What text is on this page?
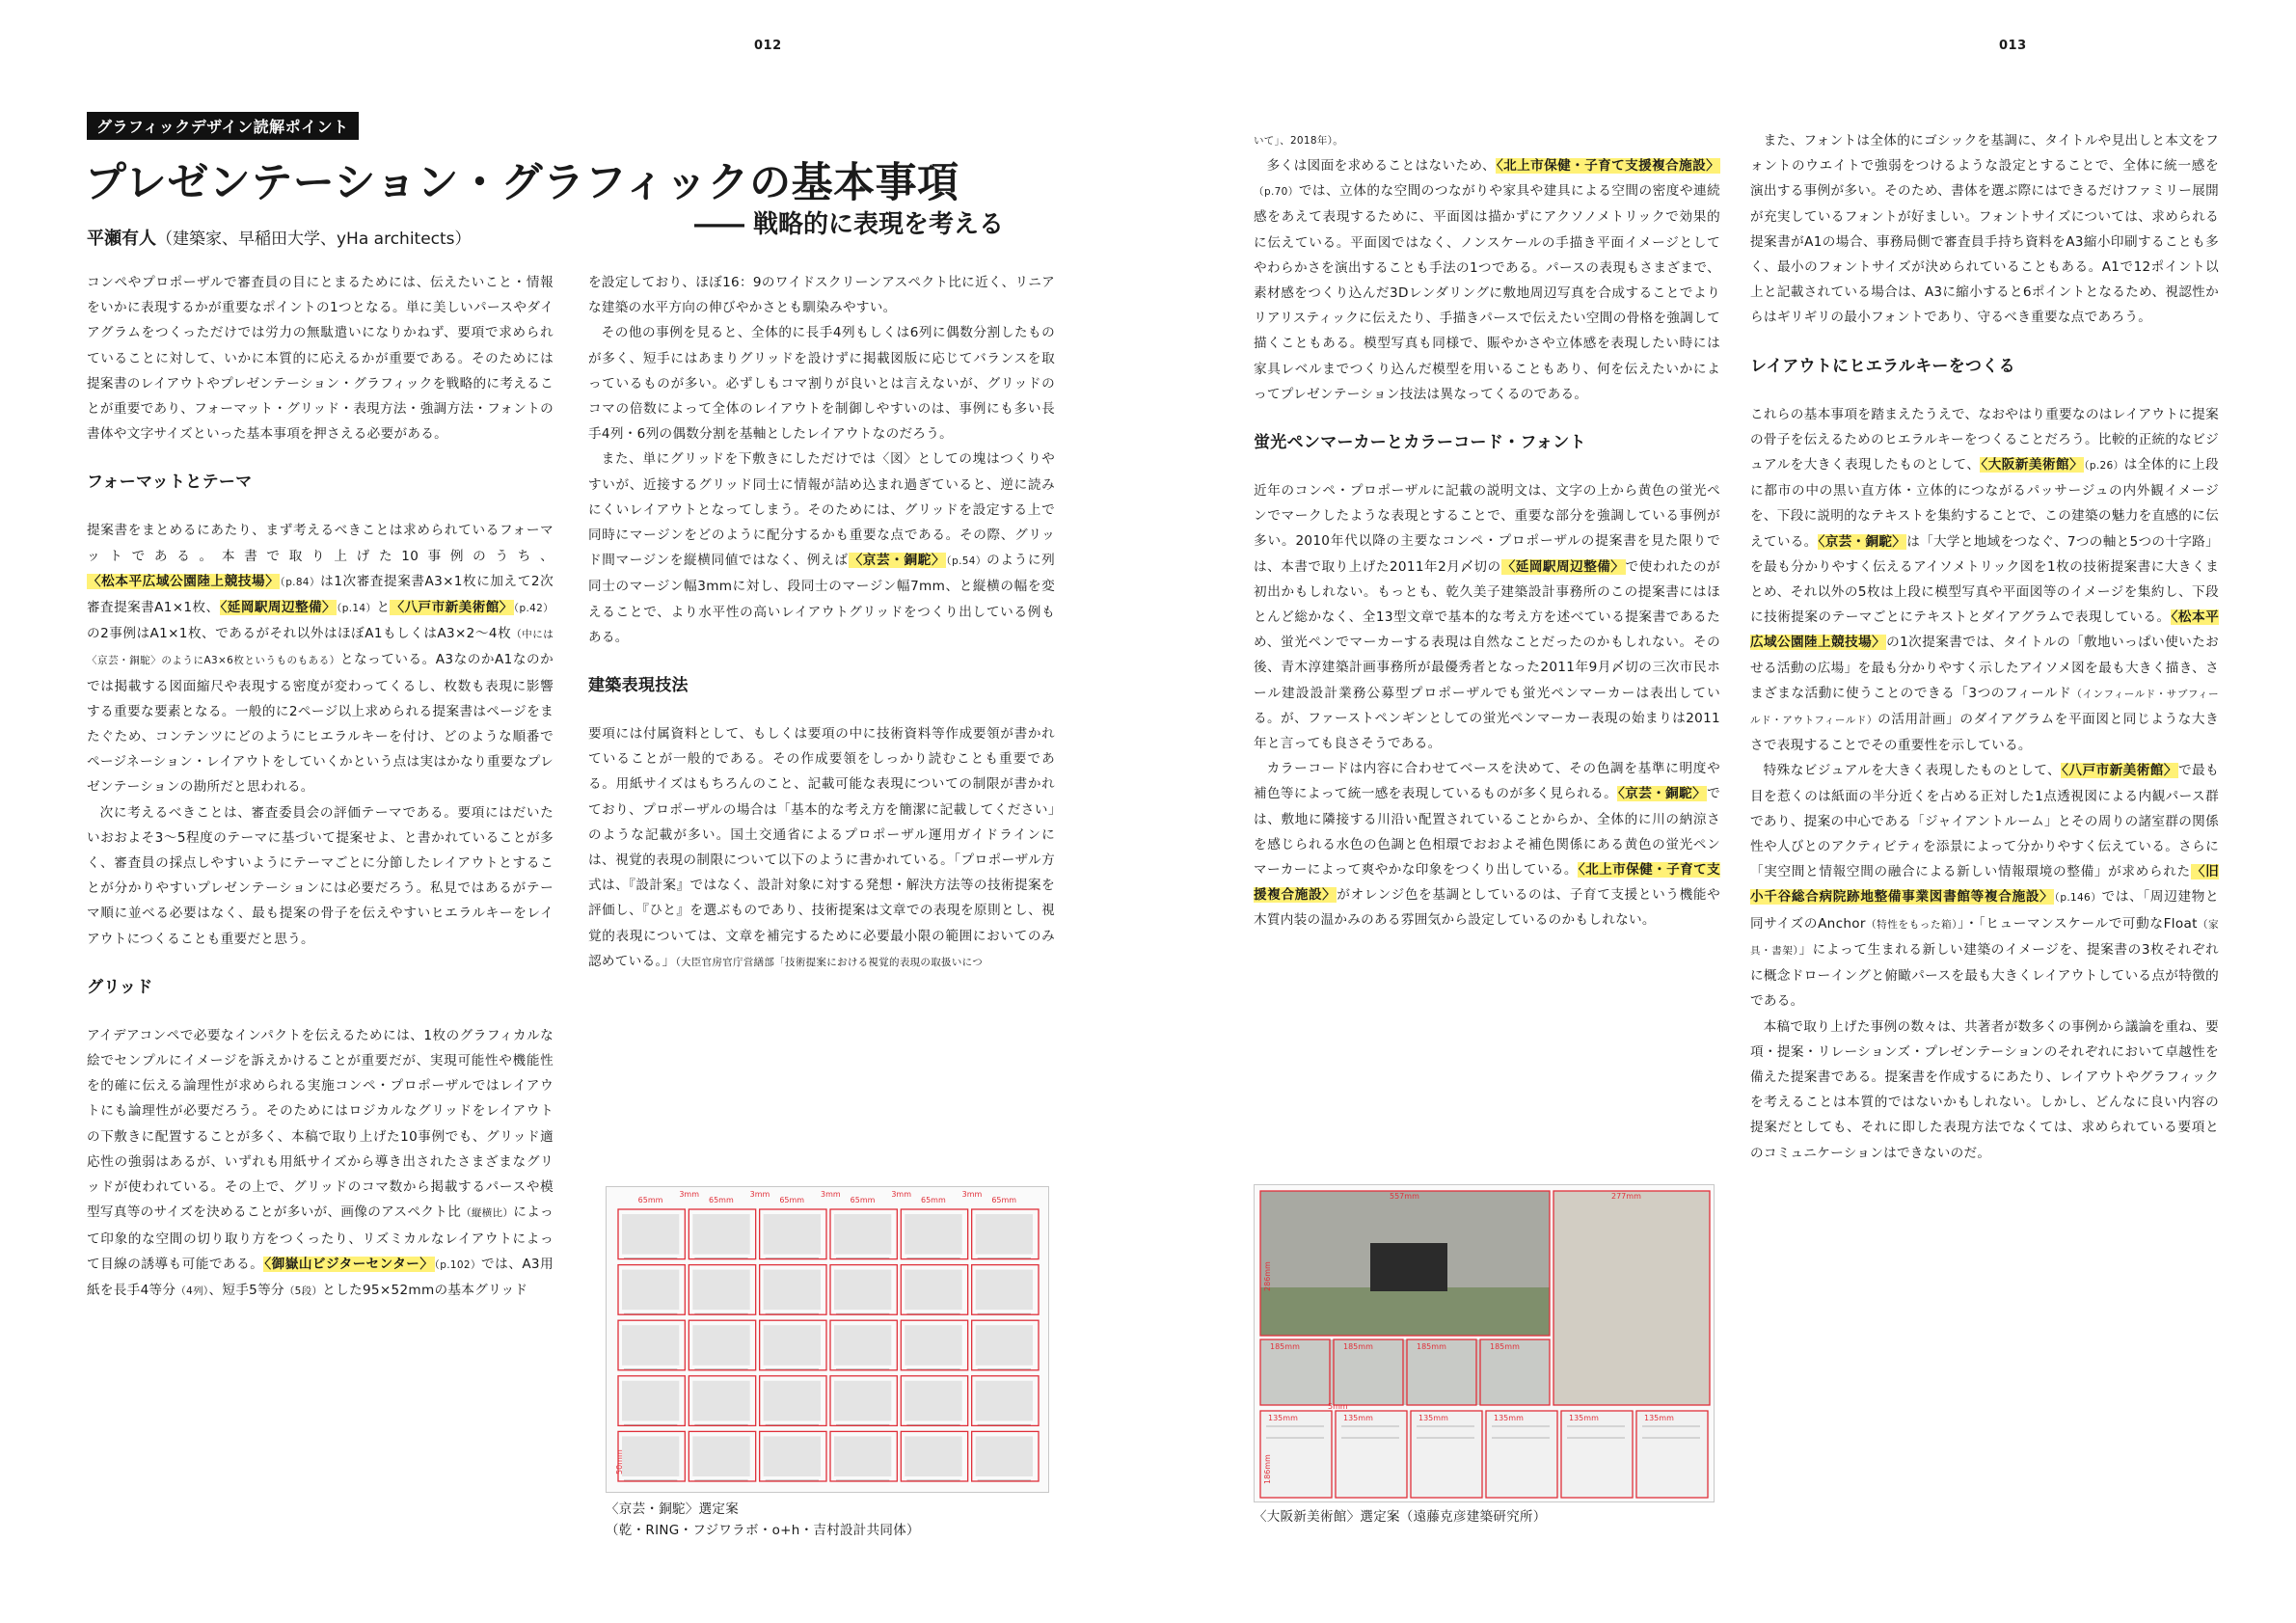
012	013
グラフィックデザイン読解ポイント
プレゼンテーション・グラフィックの基本事項
―― 戦略的に表現を考える
平瀬有人（建築家、早稲田大学、yHa architects）

コンペやプロポーザルで審査員の目にとまるためには、伝えたいこと・情報をいかに表現するかが重要なポイントの1つとなる。単に美しいパースやダイアグラムをつくっただけでは労力の無駄遣いになりかねず、要項で求められていることに対して、いかに本質的に応えるかが重要である。そのためには提案書のレイアウトやプレゼンテーション・グラフィックを戦略的に考えることが重要であり、フォーマット・グリッド・表現方法・強調方法・フォントの書体や文字サイズといった基本事項を押さえる必要がある。

フォーマットとテーマ

提案書をまとめるにあたり、まず考えるべきことは求められているフォーマットである。本書で取り上げた10事例のうち、〈松本平広域公園陸上競技場〉（p.84）は1次審査提案書A3×1枚に加えて2次審査提案書A1×1枚、〈延岡駅周辺整備〉（p.14）と〈八戸市新美術館〉（p.42）の2事例はA1×1枚、であるがそれ以外はほぼA1もしくはA3×2〜4枚（中には〈京芸・銅駝〉のようにA3×6枚というものもある）となっている。A3なのかA1なのかでは掲載する図面縮尺や表現する密度が変わってくるし、枚数も表現に影響する重要な要素となる。一般的に2ページ以上求められる提案書はページをまたぐため、コンテンツにどのようにヒエラルキーを付け、どのような順番でページネーション・レイアウトをしていくかという点は実はかなり重要なプレゼンテーションの勘所だと思われる。

次に考えるべきことは、審査委員会の評価テーマである。要項にはだいたいおおよそ3〜5程度のテーマに基づいて提案せよ、と書かれていることが多く、審査員の採点しやすいようにテーマごとに分節したレイアウトとすることが分かりやすいプレゼンテーションには必要だろう。私見ではあるがテーマ順に並べる必要はなく、最も提案の骨子を伝えやすいヒエラルキーをレイアウトにつくることも重要だと思う。

グリッド

アイデアコンペで必要なインパクトを伝えるためには、1枚のグラフィカルな絵でセンプルにイメージを訴えかけることが重要だが、実現可能性や機能性を的確に伝える論理性が求められる実施コンペ・プロポーザルではレイアウトにも論理性が必要だろう。そのためにはロジカルなグリッドをレイアウトの下敷きに配置することが多く、本稿で取り上げた10事例でも、グリッド適応性の強弱はあるが、いずれも用紙サイズから導き出されたさまざまなグリッドが使われている。その上で、グリッドのコマ数から掲載するパースや模型写真等のサイズを決めることが多いが、画像のアスペクト比（縦横比）によって印象的な空間の切り取り方をつくったり、リズミカルなレイアウトによって目線の誘導も可能である。〈御嶽山ビジターセンター〉（p.102）では、A3用紙を長手4等分（4列）、短手5等分（5段）とした95×52mmの基本グリッド

を設定しており、ほぼ16：9のワイドスクリーンアスペクト比に近く、リニアな建築の水平方向の伸びやかさとも馴染みやすい。

その他の事例を見ると、全体的に長手4列もしくは6列に偶数分割したものが多く、短手にはあまりグリッドを設けずに掲載図版に応じてバランスを取っているものが多い。必ずしもコマ割りが良いとは言えないが、グリッドのコマの倍数によって全体のレイアウトを制御しやすいのは、事例にも多い長手4列・6列の偶数分割を基軸としたレイアウトなのだろう。

また、単にグリッドを下敷きにしただけでは〈図〉としての塊はつくりやすいが、近接するグリッド同士に情報が詰め込まれ過ぎていると、逆に読みにくいレイアウトとなってしまう。そのためには、グリッドを設定する上で同時にマージンをどのように配分するかも重要な点である。その際、グリッド間マージンを縦横同値ではなく、例えば〈京芸・銅駝〉（p.54）のように列同士のマージン幅3mmに対し、段同士のマージン幅7mm、と縦横の幅を変えることで、より水平性の高いレイアウトグリッドをつくり出している例もある。

建築表現技法

要項には付属資料として、もしくは要項の中に技術資料等作成要領が書かれていることが一般的である。その作成要領をしっかり読むことも重要である。用紙サイズはもちろんのこと、記載可能な表現についての制限が書かれており、プロポーザルの場合は「基本的な考え方を簡潔に記載してください」のような記載が多い。国土交通省によるプロポーザル運用ガイドラインには、視覚的表現の制限について以下のように書かれている。「プロポーザル方式は、『設計案』ではなく、設計対象に対する発想・解決方法等の技術提案を評価し、『ひと』を選ぶものであり、技術提案は文章での表現を原則とし、視覚的表現については、文章を補完するために必要最小限の範囲においてのみ認めている。」（大臣官房官庁営繕部「技術提案における視覚的表現の取扱いにつ

65mm
3mm
65mm
3mm
65mm
3mm
65mm
3mm
65mm
3mm
65mm
50mm
〈京芸・銅駝〉選定案
（乾・RING・フジワラボ・o+h・吉村設計共同体）

いて」、2018年）。

多くは図面を求めることはないため、〈北上市保健・子育て支援複合施設〉（p.70）では、立体的な空間のつながりや家具や建具による空間の密度や連続感をあえて表現するために、平面図は描かずにアクソノメトリックで効果的に伝えている。平面図ではなく、ノンスケールの手描き平面イメージとしてやわらかさを演出することも手法の1つである。パースの表現もさまざまで、素材感をつくり込んだ3Dレンダリングに敷地周辺写真を合成することでよりリアリスティックに伝えたり、手描きパースで伝えたい空間の骨格を強調して描くこともある。模型写真も同様で、賑やかさや立体感を表現したい時には家具レベルまでつくり込んだ模型を用いることもあり、何を伝えたいかによってプレゼンテーション技法は異なってくるのである。

蛍光ペンマーカーとカラーコード・フォント

近年のコンペ・プロポーザルに記載の説明文は、文字の上から黄色の蛍光ペンでマークしたような表現とすることで、重要な部分を強調している事例が多い。2010年代以降の主要なコンペ・プロポーザルの提案書を見た限りでは、本書で取り上げた2011年2月〆切の〈延岡駅周辺整備〉で使われたのが初出かもしれない。もっとも、乾久美子建築設計事務所のこの提案書にはほとんど総かなく、全13型文章で基本的な考え方を述べている提案書であるため、蛍光ペンでマーカーする表現は自然なことだったのかもしれない。その後、青木淳建築計画事務所が最優秀者となった2011年9月〆切の三次市民ホール建設設計業務公募型プロポーザルでも蛍光ペンマーカーは表出している。が、ファーストペンギンとしての蛍光ペンマーカー表現の始まりは2011年と言っても良さそうである。

カラーコードは内容に合わせてベースを決めて、その色調を基準に明度や補色等によって統一感を表現しているものが多く見られる。〈京芸・銅駝〉では、敷地に隣接する川沿い配置されていることからか、全体的に川の納涼さを感じられる水色の色調と色相環でおおよそ補色関係にある黄色の蛍光ペンマーカーによって爽やかな印象をつくり出している。〈北上市保健・子育て支援複合施設〉がオレンジ色を基調としているのは、子育て支援という機能や木質内装の温かみのある雰囲気から設定しているのかもしれない。

135mm	135mm	135mm	135mm	135mm	135mm
557mm	277mm
185mm	185mm	185mm	185mm
286mm
186mm
5mm
〈大阪新美術館〉選定案（遠藤克彦建築研究所）

また、フォントは全体的にゴシックを基調に、タイトルや見出しと本文をフォントのウエイトで強弱をつけるような設定とすることで、全体に統一感を演出する事例が多い。そのため、書体を選ぶ際にはできるだけファミリー展開が充実しているフォントが好ましい。フォントサイズについては、求められる提案書がA1の場合、事務局側で審査員手持ち資料をA3縮小印刷することも多く、最小のフォントサイズが決められていることもある。A1で12ポイント以上と記載されている場合は、A3に縮小すると6ポイントとなるため、視認性からはギリギリの最小フォントであり、守るべき重要な点であろう。

レイアウトにヒエラルキーをつくる

これらの基本事項を踏まえたうえで、なおやはり重要なのはレイアウトに提案の骨子を伝えるためのヒエラルキーをつくることだろう。比較的正統的なビジュアルを大きく表現したものとして、〈大阪新美術館〉（p.26）は全体的に上段に都市の中の黒い直方体・立体的につながるパッサージュの内外観イメージを、下段に説明的なテキストを集約することで、この建築の魅力を直感的に伝えている。〈京芸・銅駝〉は「大学と地域をつなぐ、7つの軸と5つの十字路」を最も分かりやすく伝えるアイソメトリック図を1枚の技術提案書に大きくまとめ、それ以外の5枚は上段に模型写真や平面図等のイメージを集約し、下段に技術提案のテーマごとにテキストとダイアグラムで表現している。〈松本平広域公園陸上競技場〉の1次提案書では、タイトルの「敷地いっぱい使いたおせる活動の広場」を最も分かりやすく示したアイソメ図を最も大きく描き、さまざまな活動に使うことのできる「3つのフィールド（インフィールド・サブフィールド・アウトフィールド）の活用計画」のダイアグラムを平面図と同じような大きさで表現することでその重要性を示している。

特殊なビジュアルを大きく表現したものとして、〈八戸市新美術館〉で最も目を惹くのは紙面の半分近くを占める正対した1点透視図による内観パース群であり、提案の中心である「ジャイアントルーム」とその周りの諸室群の関係性や人びとのアクティビティを添景によって分かりやすく伝えている。さらに「実空間と情報空間の融合による新しい情報環境の整備」が求められた〈旧小千谷総合病院跡地整備事業図書館等複合施設〉（p.146）では、「周辺建物と同サイズのAnchor（特性をもった箱）」・「ヒューマンスケールで可動なFloat（家具・書架）」によって生まれる新しい建築のイメージを、提案書の3枚それぞれに概念ドローイングと俯瞰パースを最も大きくレイアウトしている点が特徴的である。

本稿で取り上げた事例の数々は、共著者が数多くの事例から議論を重ね、要項・提案・リレーションズ・プレゼンテーションのそれぞれにおいて卓越性を備えた提案書である。提案書を作成するにあたり、レイアウトやグラフィックを考えることは本質的ではないかもしれない。しかし、どんなに良い内容の提案だとしても、それに即した表現方法でなくては、求められている要項とのコミュニケーションはできないのだ。
